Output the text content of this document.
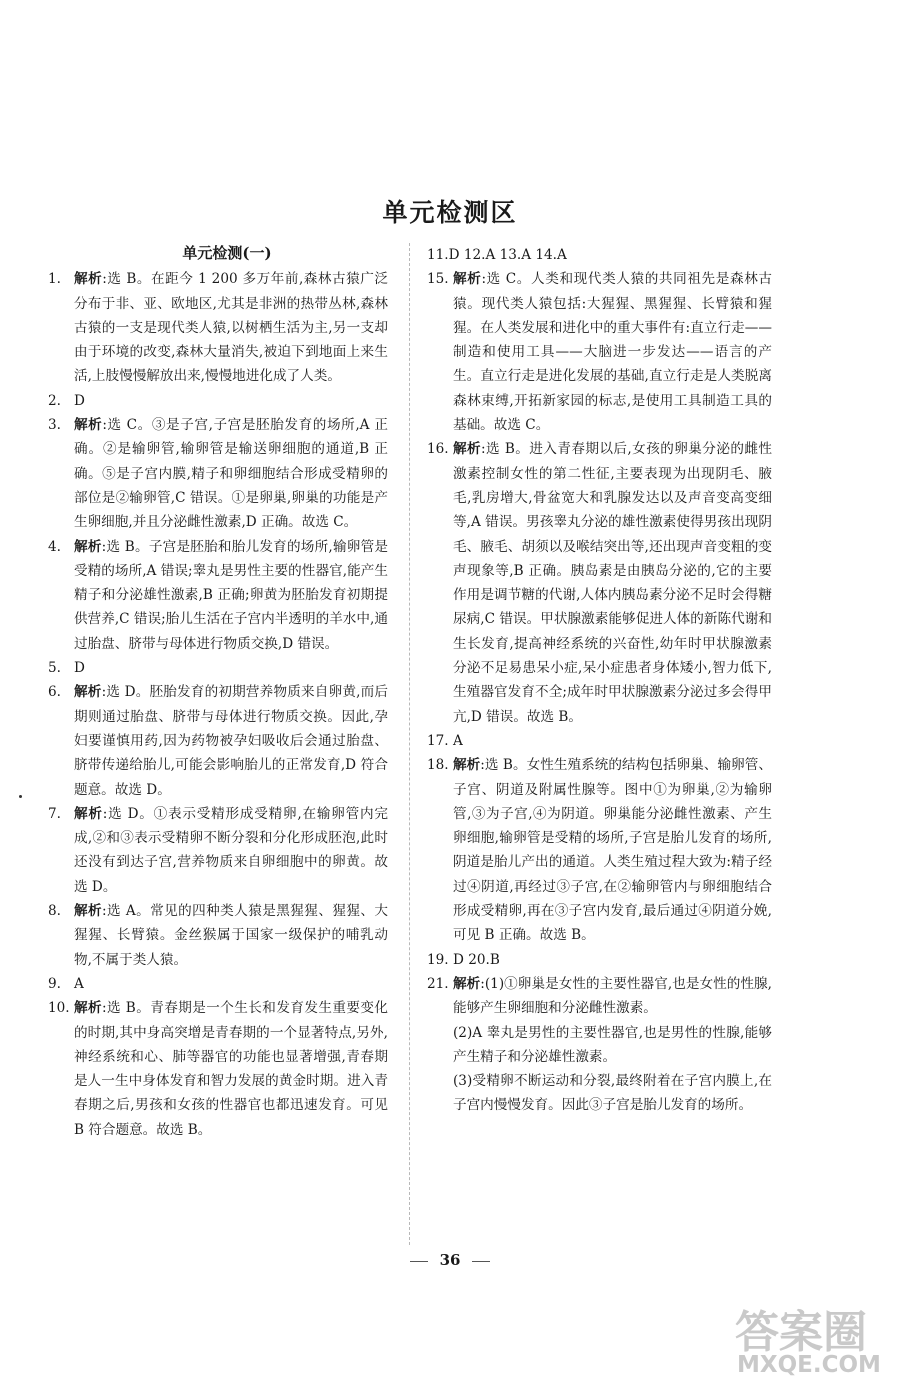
单元检测区
单元检测(一)

1. 解析:选 B。在距今 1 200 多万年前,森林古猿广泛分布于非、亚、欧地区,尤其是非洲的热带丛林,森林古猿的一支是现代类人猿,以树栖生活为主,另一支却由于环境的改变,森林大量消失,被迫下到地面上来生活,上肢慢慢解放出来,慢慢地进化成了人类。

2. D

3. 解析:选 C。③是子宫,子宫是胚胎发育的场所,A 正确。②是输卵管,输卵管是输送卵细胞的通道,B 正确。⑤是子宫内膜,精子和卵细胞结合形成受精卵的部位是②输卵管,C 错误。①是卵巢,卵巢的功能是产生卵细胞,并且分泌雌性激素,D 正确。故选 C。

4. 解析:选 B。子宫是胚胎和胎儿发育的场所,输卵管是受精的场所,A 错误;睾丸是男性主要的性器官,能产生精子和分泌雄性激素,B 正确;卵黄为胚胎发育初期提供营养,C 错误;胎儿生活在子宫内半透明的羊水中,通过胎盘、脐带与母体进行物质交换,D 错误。

5. D

6. 解析:选 D。胚胎发育的初期营养物质来自卵黄,而后期则通过胎盘、脐带与母体进行物质交换。因此,孕妇要谨慎用药,因为药物被孕妇吸收后会通过胎盘、脐带传递给胎儿,可能会影响胎儿的正常发育,D 符合题意。故选 D。

7. 解析:选 D。①表示受精形成受精卵,在输卵管内完成,②和③表示受精卵不断分裂和分化形成胚泡,此时还没有到达子宫,营养物质来自卵细胞中的卵黄。故选 D。

8. 解析:选 A。常见的四种类人猿是黑猩猩、猩猩、大猩猩、长臂猿。金丝猴属于国家一级保护的哺乳动物,不属于类人猿。

9. A

10. 解析:选 B。青春期是一个生长和发育发生重要变化的时期,其中身高突增是青春期的一个显著特点,另外,神经系统和心、肺等器官的功能也显著增强,青春期是人一生中身体发育和智力发展的黄金时期。进入青春期之后,男孩和女孩的性器官也都迅速发育。可见 B 符合题意。故选 B。

11.D 12.A 13.A 14.A

15. 解析:选 C。人类和现代类人猿的共同祖先是森林古猿。现代类人猿包括:大猩猩、黑猩猩、长臂猿和猩猩。在人类发展和进化中的重大事件有:直立行走——制造和使用工具——大脑进一步发达——语言的产生。直立行走是进化发展的基础,直立行走是人类脱离森林束缚,开拓新家园的标志,是使用工具制造工具的基础。故选 C。

16. 解析:选 B。进入青春期以后,女孩的卵巢分泌的雌性激素控制女性的第二性征,主要表现为出现阴毛、腋毛,乳房增大,骨盆宽大和乳腺发达以及声音变高变细等,A 错误。男孩睾丸分泌的雄性激素使得男孩出现阴毛、腋毛、胡须以及喉结突出等,还出现声音变粗的变声现象等,B 正确。胰岛素是由胰岛分泌的,它的主要作用是调节糖的代谢,人体内胰岛素分泌不足时会得糖尿病,C 错误。甲状腺激素能够促进人体的新陈代谢和生长发育,提高神经系统的兴奋性,幼年时甲状腺激素分泌不足易患呆小症,呆小症患者身体矮小,智力低下,生殖器官发育不全;成年时甲状腺激素分泌过多会得甲亢,D 错误。故选 B。

17. A

18. 解析:选 B。女性生殖系统的结构包括卵巢、输卵管、子宫、阴道及附属性腺等。图中①为卵巢,②为输卵管,③为子宫,④为阴道。卵巢能分泌雌性激素、产生卵细胞,输卵管是受精的场所,子宫是胎儿发育的场所,阴道是胎儿产出的通道。人类生殖过程大致为:精子经过④阴道,再经过③子宫,在②输卵管内与卵细胞结合形成受精卵,再在③子宫内发育,最后通过④阴道分娩,可见 B 正确。故选 B。

19. D 20.B

21. 解析:(1)①卵巢是女性的主要性器官,也是女性的性腺,能够产生卵细胞和分泌雌性激素。

(2)A 睾丸是男性的主要性器官,也是男性的性腺,能够产生精子和分泌雄性激素。

(3)受精卵不断运动和分裂,最终附着在子宫内膜上,在子宫内慢慢发育。因此③子宫是胎儿发育的场所。

36
答案圈
MXQE.COM
